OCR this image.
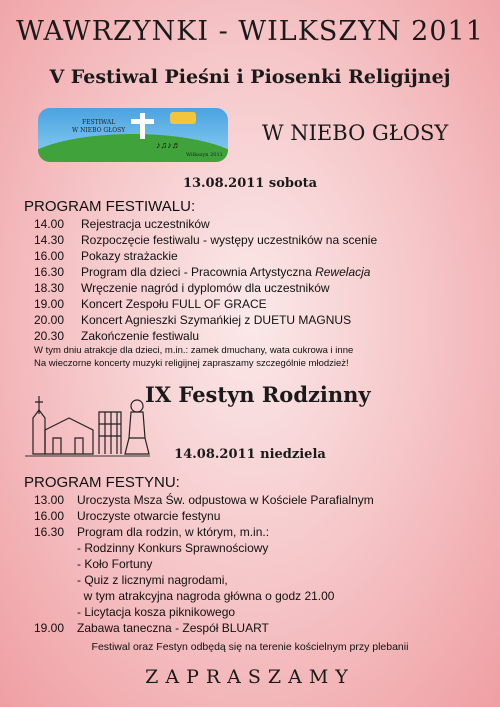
WAWRZYNKI - WILKSZYN 2011
V Festiwal Pieśni i Piosenki Religijnej
FESTIWAL
W NIEBO GŁOSY
♪♫♪♬
Wilkszyn 2011
W NIEBO GŁOSY
13.08.2011 sobota
PROGRAM FESTIWALU:
14.00 Rejestracja uczestników
14.30 Rozpoczęcie festiwalu - występy uczestników na scenie
16.00 Pokazy strażackie
16.30 Program dla dzieci - Pracownia Artystyczna Rewelacja
18.30 Wręczenie nagród i dyplomów dla uczestników
19.00 Koncert Zespołu FULL OF GRACE
20.00 Koncert Agnieszki Szymańkiej z DUETU MAGNUS
20.30 Zakończenie festiwalu
W tym dniu atrakcje dla dzieci, m.in.: zamek dmuchany, wata cukrowa i inne
Na wieczorne koncerty muzyki religijnej zapraszamy szczególnie młodzież!
IX Festyn Rodzinny
14.08.2011 niedziela
PROGRAM FESTYNU:
13.00 Uroczysta Msza Św. odpustowa w Kościele Parafialnym
16.00 Uroczyste otwarcie festynu
16.30 Program dla rodzin, w którym, m.in.:
- Rodzinny Konkurs Sprawnościowy
- Koło Fortuny
- Quiz z licznymi nagrodami,
w tym atrakcyjna nagroda główna o godz 21.00
- Licytacja kosza piknikowego
19.00 Zabawa taneczna - Zespół BLUART
Festiwal oraz Festyn odbędą się na terenie kościelnym przy plebanii
ZAPRASZAMY
